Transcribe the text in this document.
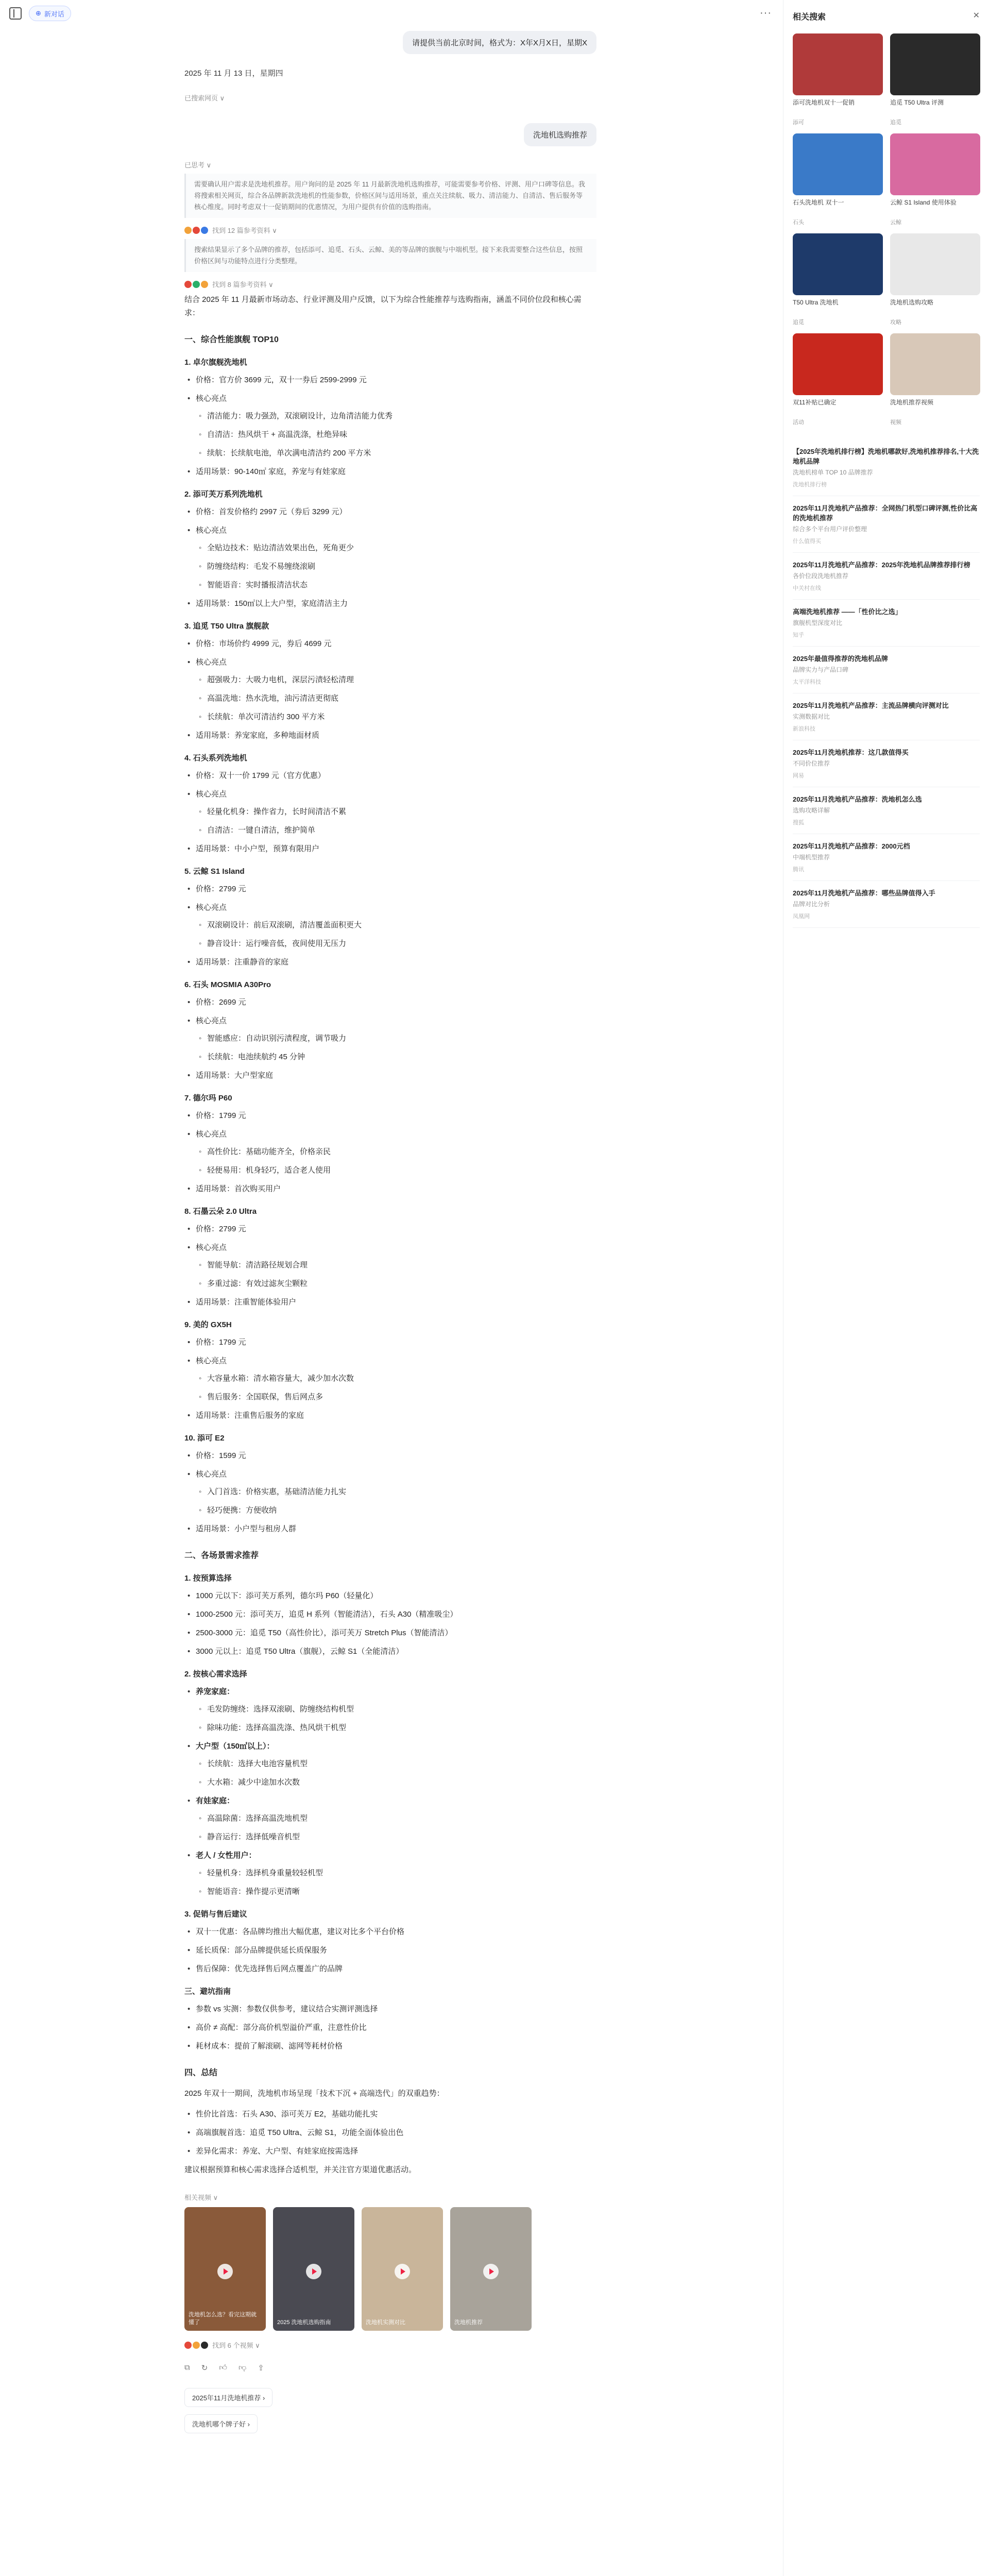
⊕ 新对话	···
请提供当前北京时间，格式为：X年X月X日，星期X
2025 年 11 月 13 日，星期四
已搜索网页 ∨
洗地机选购推荐
已思考 ∨
需要确认用户需求是洗地机推荐。用户询问的是 2025 年 11 月最新洗地机选购推荐，可能需要参考价格、评测、用户口碑等信息。我将搜索相关网页，综合各品牌新款洗地机的性能参数，价格区间与适用场景，重点关注续航、吸力、清洁能力、自清洁、售后服务等核心维度。同时考虑双十一促销期间的优惠情况，为用户提供有价值的选购指南。
找到 12 篇参考资料 ∨
搜索结果显示了多个品牌的推荐，包括添可、追觅、石头、云鲸、美的等品牌的旗舰与中端机型。接下来我需要整合这些信息，按照价格区间与功能特点进行分类整理。
找到 8 篇参考资料 ∨

结合 2025 年 11 月最新市场动态、行业评测及用户反馈，以下为综合性能推荐与选购指南，涵盖不同价位段和核心需求：

一、综合性能旗舰 TOP10
1. 卓尔旗舰洗地机
• 价格：官方价 3699 元，双十一券后 2599-2999 元
• 核心亮点
◦ 清洁能力：吸力强劲，双滚刷设计，边角清洁能力优秀
◦ 自清洁：热风烘干 + 高温洗涤，杜绝异味
◦ 续航：长续航电池，单次满电清洁约 200 平方米
• 适用场景：90-140㎡ 家庭，养宠与有娃家庭
2. 添可芙万系列洗地机
• 价格：首发价格约 2997 元（券后 3299 元）
• 核心亮点
◦ 全贴边技术：贴边清洁效果出色，死角更少
◦ 防缠绕结构：毛发不易缠绕滚刷
◦ 智能语音：实时播报清洁状态
• 适用场景：150㎡以上大户型，家庭清洁主力
3. 追觅 T50 Ultra 旗舰款
• 价格：市场价约 4999 元，券后 4699 元
• 核心亮点
◦ 超强吸力：大吸力电机，深层污渍轻松清理
◦ 高温洗地：热水洗地，油污清洁更彻底
◦ 长续航：单次可清洁约 300 平方米
• 适用场景：养宠家庭，多种地面材质
4. 石头系列洗地机
• 价格：双十一价 1799 元（官方优惠）
• 核心亮点
◦ 轻量化机身：操作省力，长时间清洁不累
◦ 自清洁：一键自清洁，维护简单
• 适用场景：中小户型，预算有限用户
5. 云鲸 S1 Island
• 价格：2799 元
• 核心亮点
◦ 双滚刷设计：前后双滚刷，清洁覆盖面积更大
◦ 静音设计：运行噪音低，夜间使用无压力
• 适用场景：注重静音的家庭
6. 石头 MOSMIA A30Pro
• 价格：2699 元
• 核心亮点
◦ 智能感应：自动识别污渍程度，调节吸力
◦ 长续航：电池续航约 45 分钟
• 适用场景：大户型家庭
7. 德尔玛 P60
• 价格：1799 元
• 核心亮点
◦ 高性价比：基础功能齐全，价格亲民
◦ 轻便易用：机身轻巧，适合老人使用
• 适用场景：首次购买用户
8. 石墨云朵 2.0 Ultra
• 价格：2799 元
• 核心亮点
◦ 智能导航：清洁路径规划合理
◦ 多重过滤：有效过滤灰尘颗粒
• 适用场景：注重智能体验用户
9. 美的 GX5H
• 价格：1799 元
• 核心亮点
◦ 大容量水箱：清水箱容量大，减少加水次数
◦ 售后服务：全国联保，售后网点多
• 适用场景：注重售后服务的家庭
10. 添可 E2
• 价格：1599 元
• 核心亮点
◦ 入门首选：价格实惠，基础清洁能力扎实
◦ 轻巧便携：方便收纳
• 适用场景：小户型与租房人群
二、各场景需求推荐
1. 按预算选择
• 1000 元以下：添可芙万系列，德尔玛 P60（轻量化）
• 1000-2500 元：添可芙万，追觅 H 系列（智能清洁），石头 A30（精准吸尘）
• 2500-3000 元：追觅 T50（高性价比），添可芙万 Stretch Plus（智能清洁）
• 3000 元以上：追觅 T50 Ultra（旗舰），云鲸 S1（全能清洁）
2. 按核心需求选择
• 养宠家庭：
◦ 毛发防缠绕：选择双滚刷、防缠绕结构机型
◦ 除味功能：选择高温洗涤、热风烘干机型
• 大户型（150㎡以上）：
◦ 长续航：选择大电池容量机型
◦ 大水箱：减少中途加水次数
• 有娃家庭：
◦ 高温除菌：选择高温洗地机型
◦ 静音运行：选择低噪音机型
• 老人 / 女性用户：
◦ 轻量机身：选择机身重量较轻机型
◦ 智能语音：操作提示更清晰
3. 促销与售后建议
• 双十一优惠：各品牌均推出大幅优惠，建议对比多个平台价格
• 延长质保：部分品牌提供延长质保服务
• 售后保障：优先选择售后网点覆盖广的品牌
三、避坑指南
• 参数 vs 实测：参数仅供参考，建议结合实测评测选择
• 高价 ≠ 高配：部分高价机型溢价严重，注意性价比
• 耗材成本：提前了解滚刷、滤网等耗材价格
四、总结

2025 年双十一期间，洗地机市场呈现「技术下沉 + 高端迭代」的双重趋势：

• 性价比首选：石头 A30、添可芙万 E2，基础功能扎实
• 高端旗舰首选：追觅 T50 Ultra、云鲸 S1，功能全面体验出色
• 差异化需求：养宠、大户型、有娃家庭按需选择

建议根据预算和核心需求选择合适机型，并关注官方渠道优惠活动。

相关视频 ∨
洗地机怎么选？看完这期就懂了	2025 洗地机选购指南	洗地机实测对比	洗地机推荐
找到 6 个视频 ∨
⧉ ↻ 👍︎ 👎︎ ⇪
2025年11月洗地机推荐 ›
洗地机哪个牌子好 ›
相关搜索	✕
添可洗地机双十一促销
添可
追觅 T50 Ultra 评测
追觅
石头洗地机 双十一
石头
云鲸 S1 Island 使用体验
云鲸
T50 Ultra 洗地机
追觅
洗地机选购攻略
攻略
双11补贴已确定
活动
洗地机推荐视频
视频
【2025年洗地机排行榜】洗地机哪款好,洗地机推荐排名,十大洗地机品牌
洗地机榜单 TOP 10 品牌推荐
洗地机排行榜
2025年11月洗地机产品推荐：全网热门机型口碑评测,性价比高的洗地机推荐
综合多个平台用户评价整理
什么值得买
2025年11月洗地机产品推荐：2025年洗地机品牌推荐排行榜
各价位段洗地机推荐
中关村在线
高端洗地机推荐 ——「性价比之选」
旗舰机型深度对比
知乎
2025年最值得推荐的洗地机品牌
品牌实力与产品口碑
太平洋科技
2025年11月洗地机产品推荐：主流品牌横向评测对比
实测数据对比
新浪科技
2025年11月洗地机推荐：这几款值得买
不同价位推荐
网易
2025年11月洗地机产品推荐：洗地机怎么选
选购攻略详解
搜狐
2025年11月洗地机产品推荐：2000元档
中端机型推荐
腾讯
2025年11月洗地机产品推荐：哪些品牌值得入手
品牌对比分析
凤凰网
